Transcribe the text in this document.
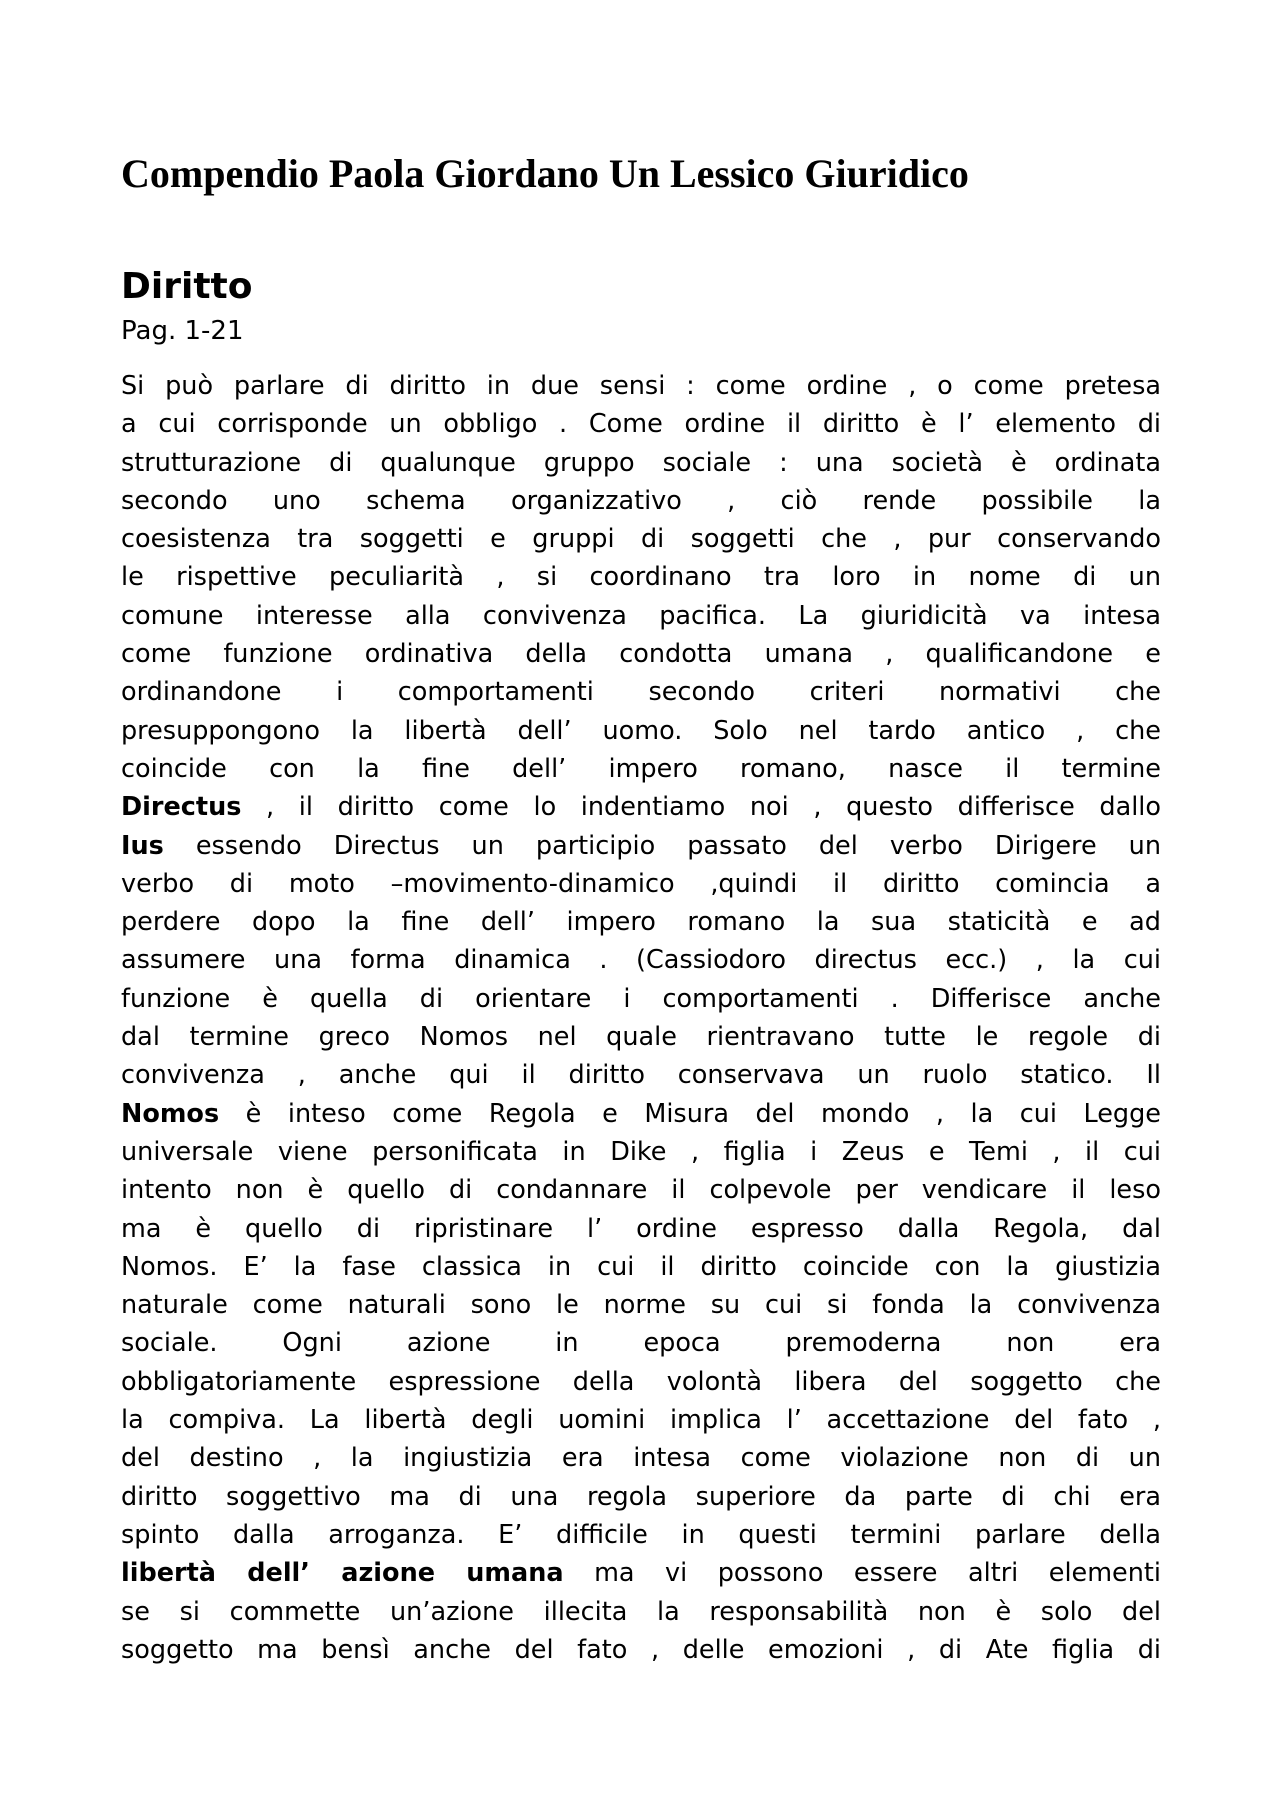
Compendio Paola Giordano Un Lessico Giuridico
Diritto

Pag. 1-21

Si può parlare di diritto in due sensi : come ordine , o come pretesa
a cui corrisponde un obbligo . Come ordine il diritto è l’ elemento di
strutturazione di qualunque gruppo sociale : una società è ordinata
secondo uno schema organizzativo , ciò rende possibile la
coesistenza tra soggetti e gruppi di soggetti che , pur conservando
le rispettive peculiarità , si coordinano tra loro in nome di un
comune interesse alla convivenza pacifica. La giuridicità va intesa
come funzione ordinativa della condotta umana , qualificandone e
ordinandone i comportamenti secondo criteri normativi che
presuppongono la libertà dell’ uomo. Solo nel tardo antico , che
coincide con la fine dell’ impero romano, nasce il termine
Directus , il diritto come lo indentiamo noi , questo differisce dallo
Ius essendo Directus un participio passato del verbo Dirigere un
verbo di moto –movimento-dinamico ,quindi il diritto comincia a
perdere dopo la fine dell’ impero romano la sua staticità e ad
assumere una forma dinamica . (Cassiodoro directus ecc.) , la cui
funzione è quella di orientare i comportamenti . Differisce anche
dal termine greco Nomos nel quale rientravano tutte le regole di
convivenza , anche qui il diritto conservava un ruolo statico. Il
Nomos è inteso come Regola e Misura del mondo , la cui Legge
universale viene personificata in Dike , figlia i Zeus e Temi , il cui
intento non è quello di condannare il colpevole per vendicare il leso
ma è quello di ripristinare l’ ordine espresso dalla Regola, dal
Nomos. E’ la fase classica in cui il diritto coincide con la giustizia
naturale come naturali sono le norme su cui si fonda la convivenza
sociale. Ogni azione in epoca premoderna non era
obbligatoriamente espressione della volontà libera del soggetto che
la compiva. La libertà degli uomini implica l’ accettazione del fato ,
del destino , la ingiustizia era intesa come violazione non di un
diritto soggettivo ma di una regola superiore da parte di chi era
spinto dalla arroganza. E’ difficile in questi termini parlare della
libertà dell’ azione umana ma vi possono essere altri elementi
se si commette un’azione illecita la responsabilità non è solo del
soggetto ma bensì anche del fato , delle emozioni , di Ate figlia di
